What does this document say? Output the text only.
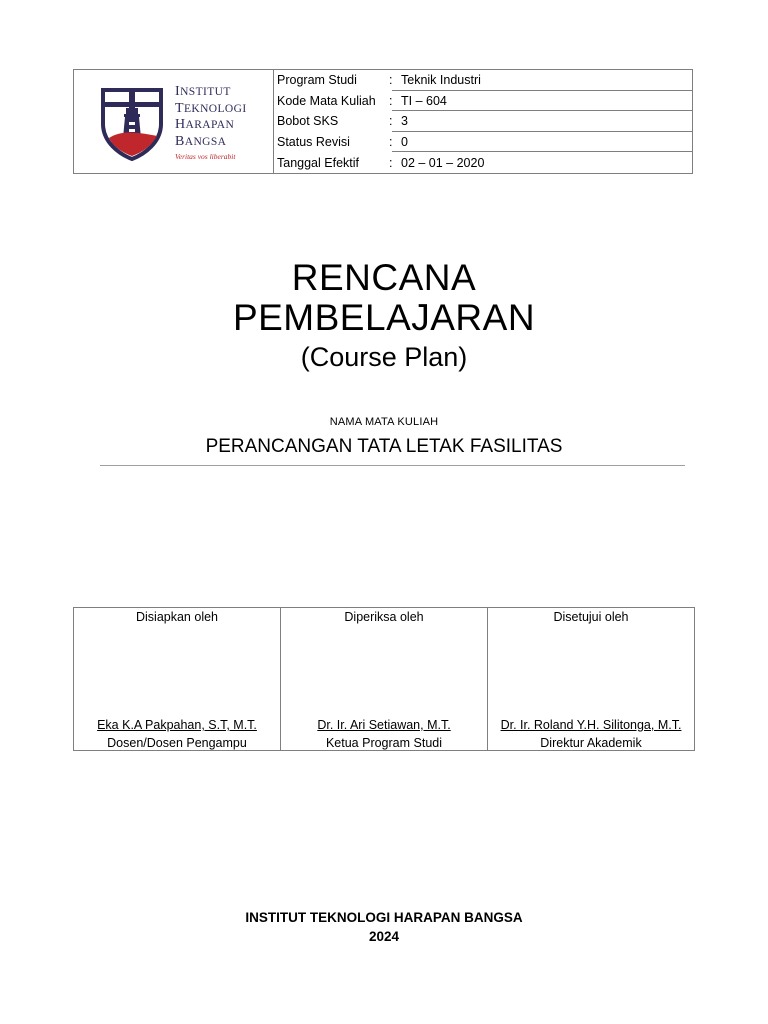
INSTITUT
TEKNOLOGI
HARAPAN
BANGSA
Veritas vos liberabit
Program Studi	: Teknik Industri
Kode Mata Kuliah	: TI – 604
Bobot SKS	: 3
Status Revisi	: 0
Tanggal Efektif	: 02 – 01 – 2020
RENCANA
PEMBELAJARAN
(Course Plan)
NAMA MATA KULIAH
PERANCANGAN TATA LETAK FASILITAS
Disiapkan oleh
Eka K.A Pakpahan, S.T, M.T.
Dosen/Dosen Pengampu
Diperiksa oleh
Dr. Ir. Ari Setiawan, M.T.
Ketua Program Studi
Disetujui oleh
Dr. Ir. Roland Y.H. Silitonga, M.T.
Direktur Akademik
INSTITUT TEKNOLOGI HARAPAN BANGSA
2024
